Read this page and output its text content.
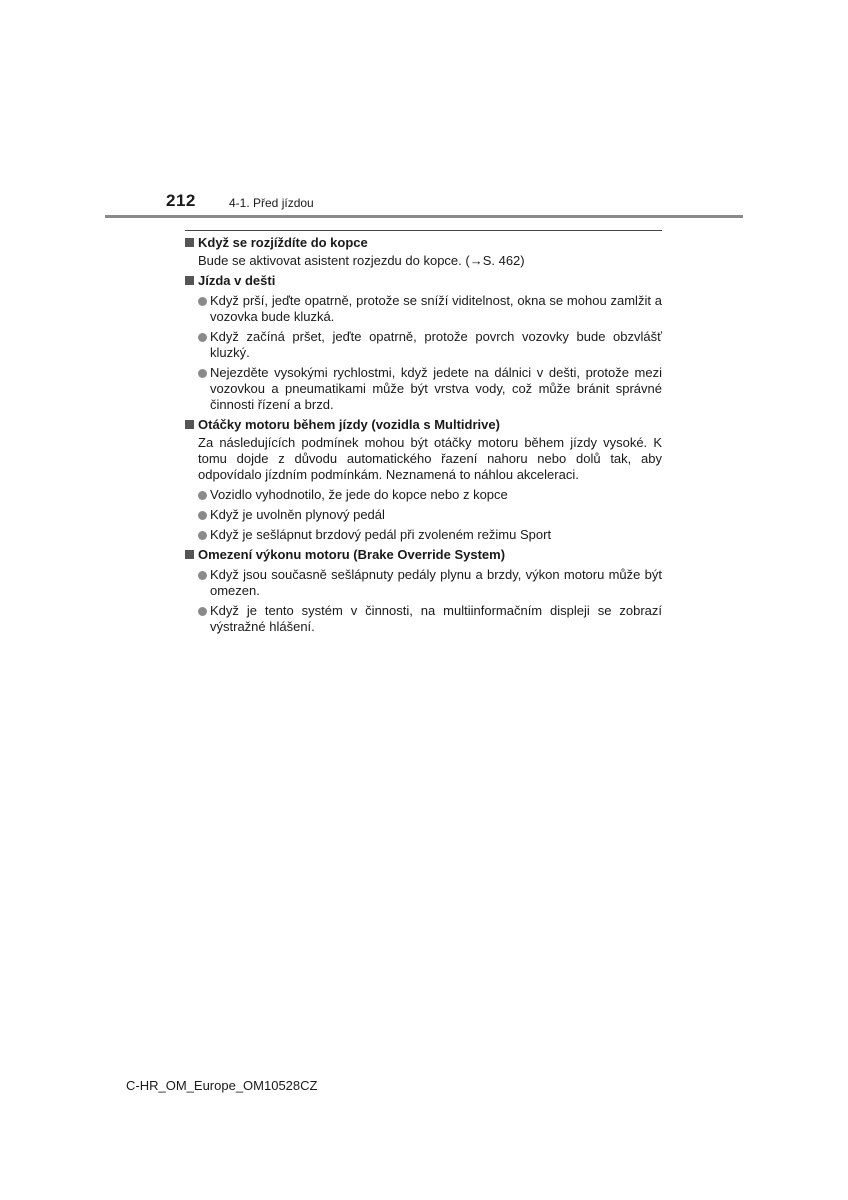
212	4-1. Před jízdou
Když se rozjíždíte do kopce
Bude se aktivovat asistent rozjezdu do kopce. (→S. 462)
Jízda v dešti
Když prší, jeďte opatrně, protože se sníží viditelnost, okna se mohou zamlžit a vozovka bude kluzká.
Když začíná pršet, jeďte opatrně, protože povrch vozovky bude obzvlášť kluzký.
Nejezděte vysokými rychlostmi, když jedete na dálnici v dešti, protože mezi vozovkou a pneumatikami může být vrstva vody, což může bránit správné činnosti řízení a brzd.
Otáčky motoru během jízdy (vozidla s Multidrive)
Za následujících podmínek mohou být otáčky motoru během jízdy vysoké. K tomu dojde z důvodu automatického řazení nahoru nebo dolů tak, aby odpovídalo jízdním podmínkám. Neznamená to náhlou akceleraci.
Vozidlo vyhodnotilo, že jede do kopce nebo z kopce
Když je uvolněn plynový pedál
Když je sešlápnut brzdový pedál při zvoleném režimu Sport
Omezení výkonu motoru (Brake Override System)
Když jsou současně sešlápnuty pedály plynu a brzdy, výkon motoru může být omezen.
Když je tento systém v činnosti, na multiinformačním displeji se zobrazí výstražné hlášení.
C-HR_OM_Europe_OM10528CZ
